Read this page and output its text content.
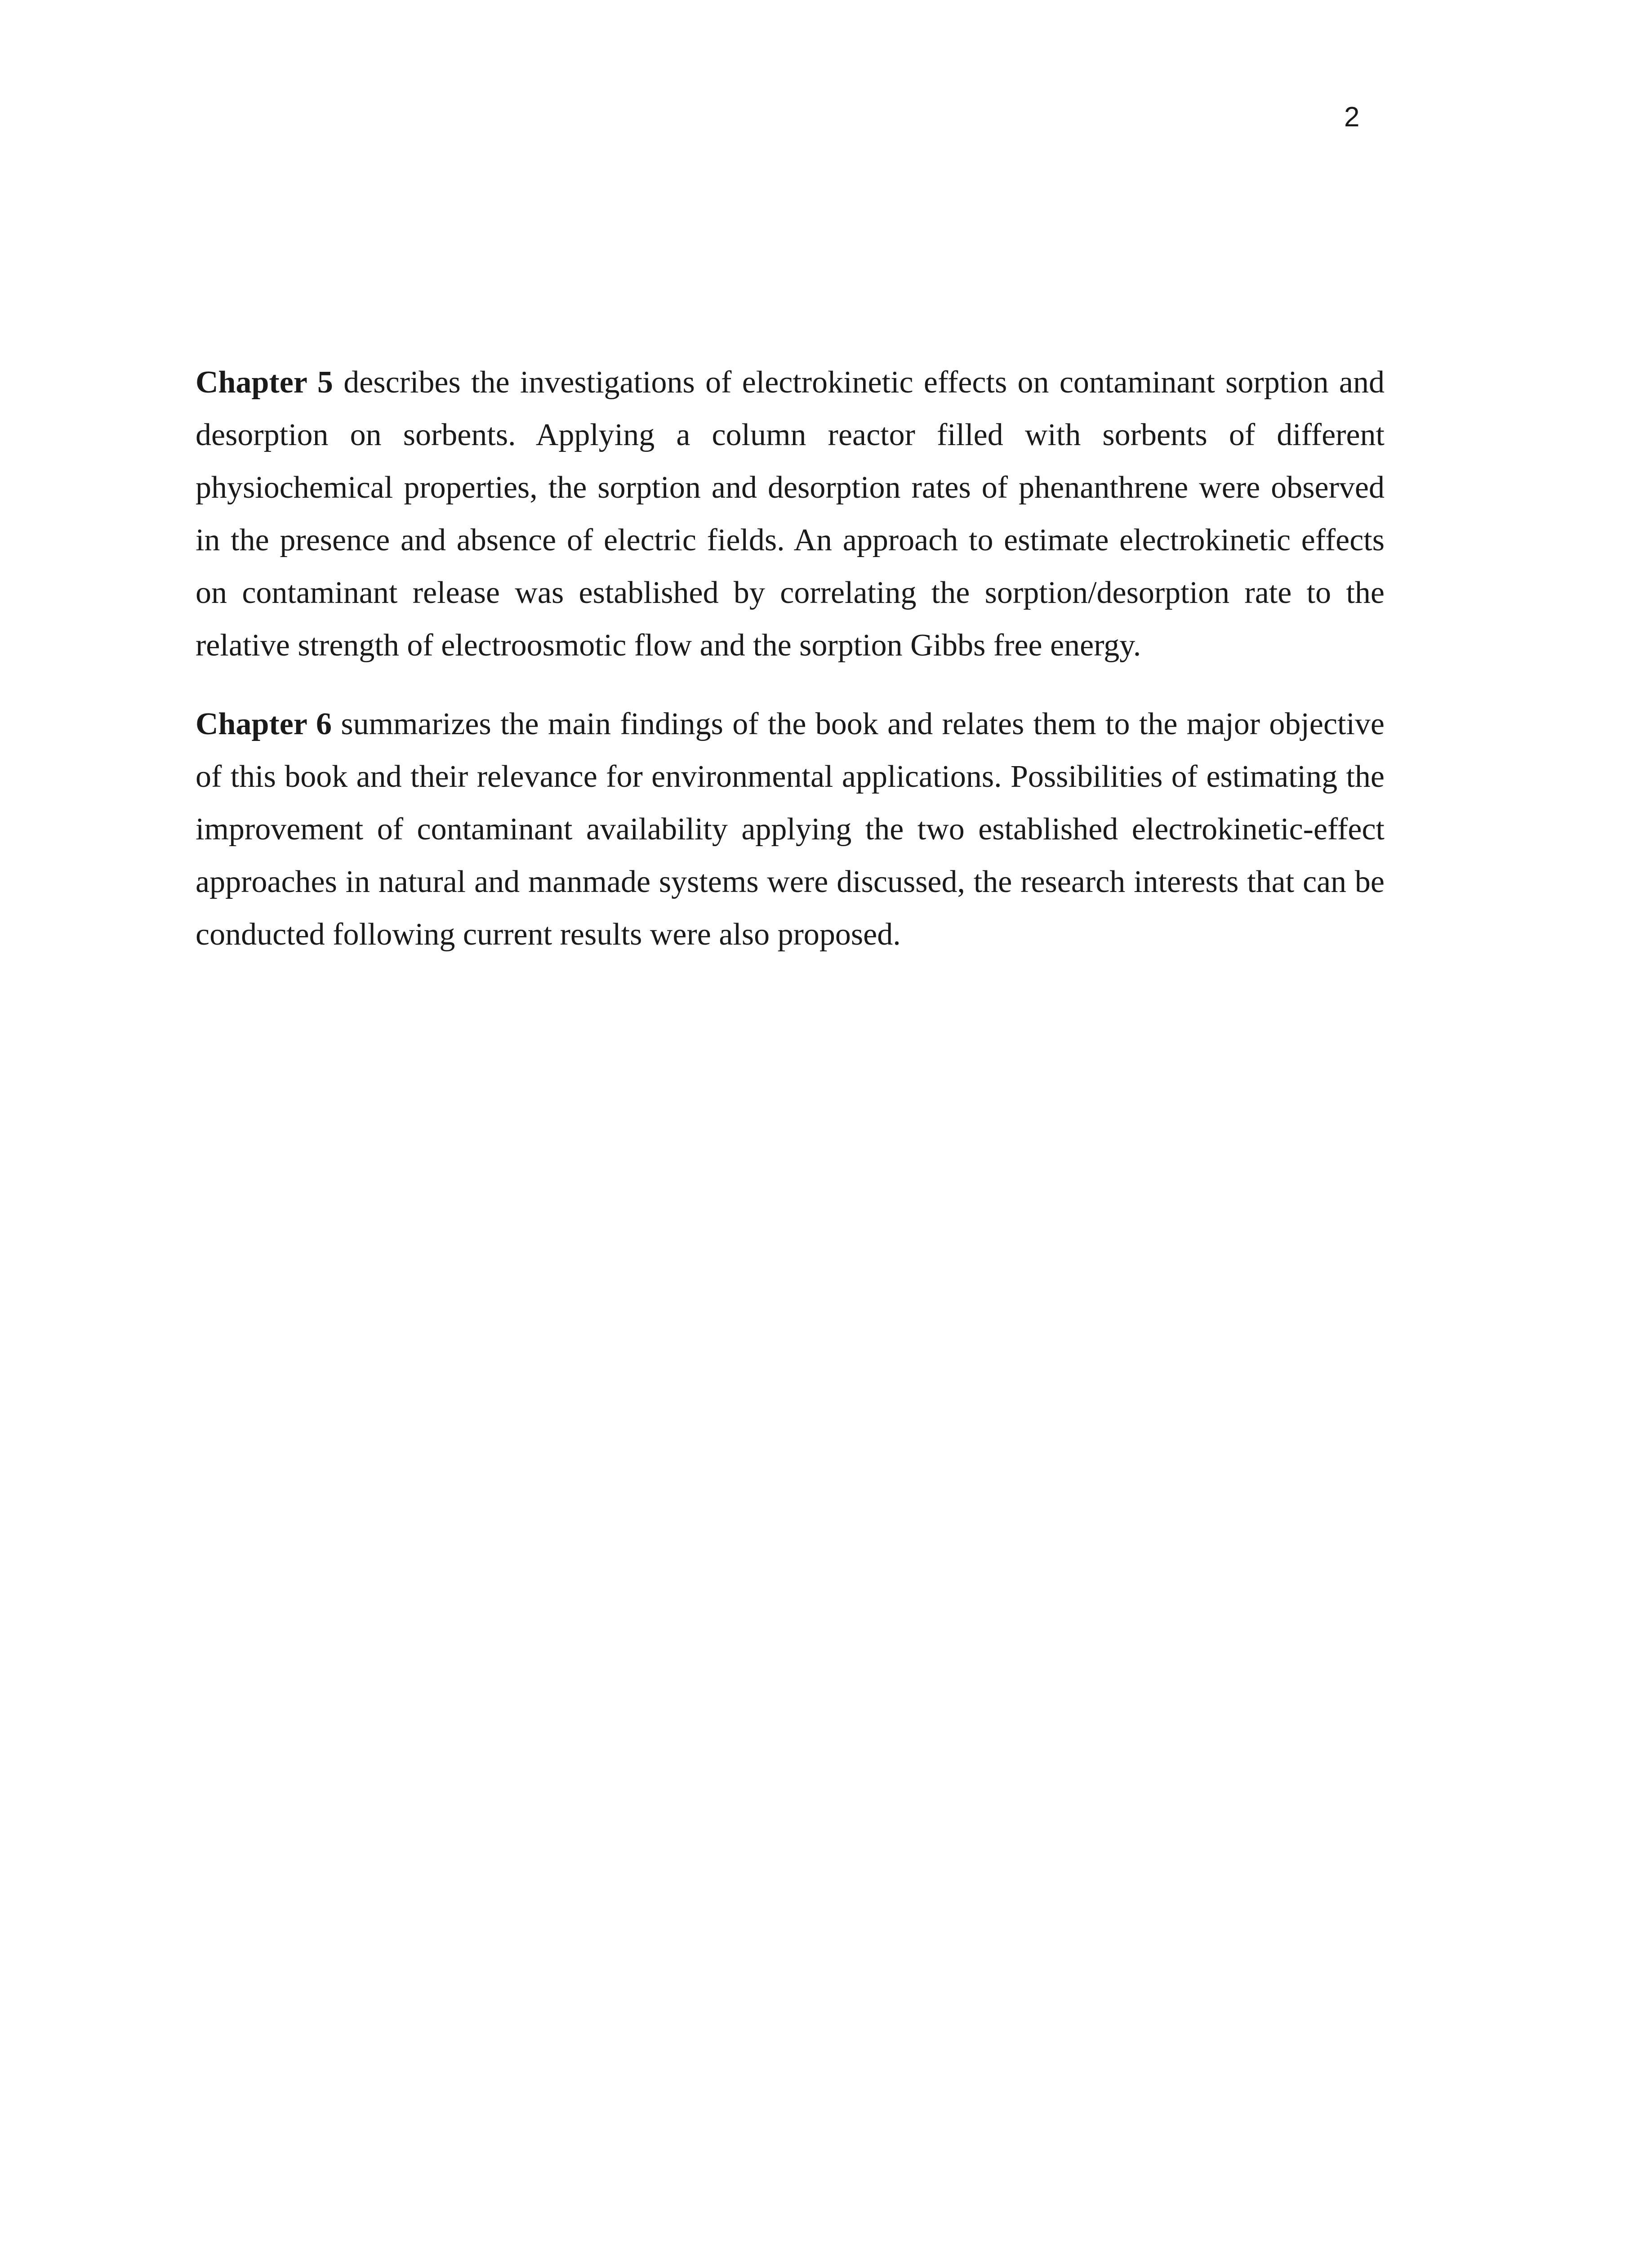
2

Chapter 5 describes the investigations of electrokinetic effects on contaminant sorption and desorption on sorbents. Applying a column reactor filled with sorbents of different physiochemical properties, the sorption and desorption rates of phenanthrene were observed in the presence and absence of electric fields. An approach to estimate electrokinetic effects on contaminant release was established by correlating the sorption/desorption rate to the relative strength of electroosmotic flow and the sorption Gibbs free energy.

Chapter 6 summarizes the main findings of the book and relates them to the major objective of this book and their relevance for environmental applications. Possibilities of estimating the improvement of contaminant availability applying the two established electrokinetic-effect approaches in natural and manmade systems were discussed, the research interests that can be conducted following current results were also proposed.
